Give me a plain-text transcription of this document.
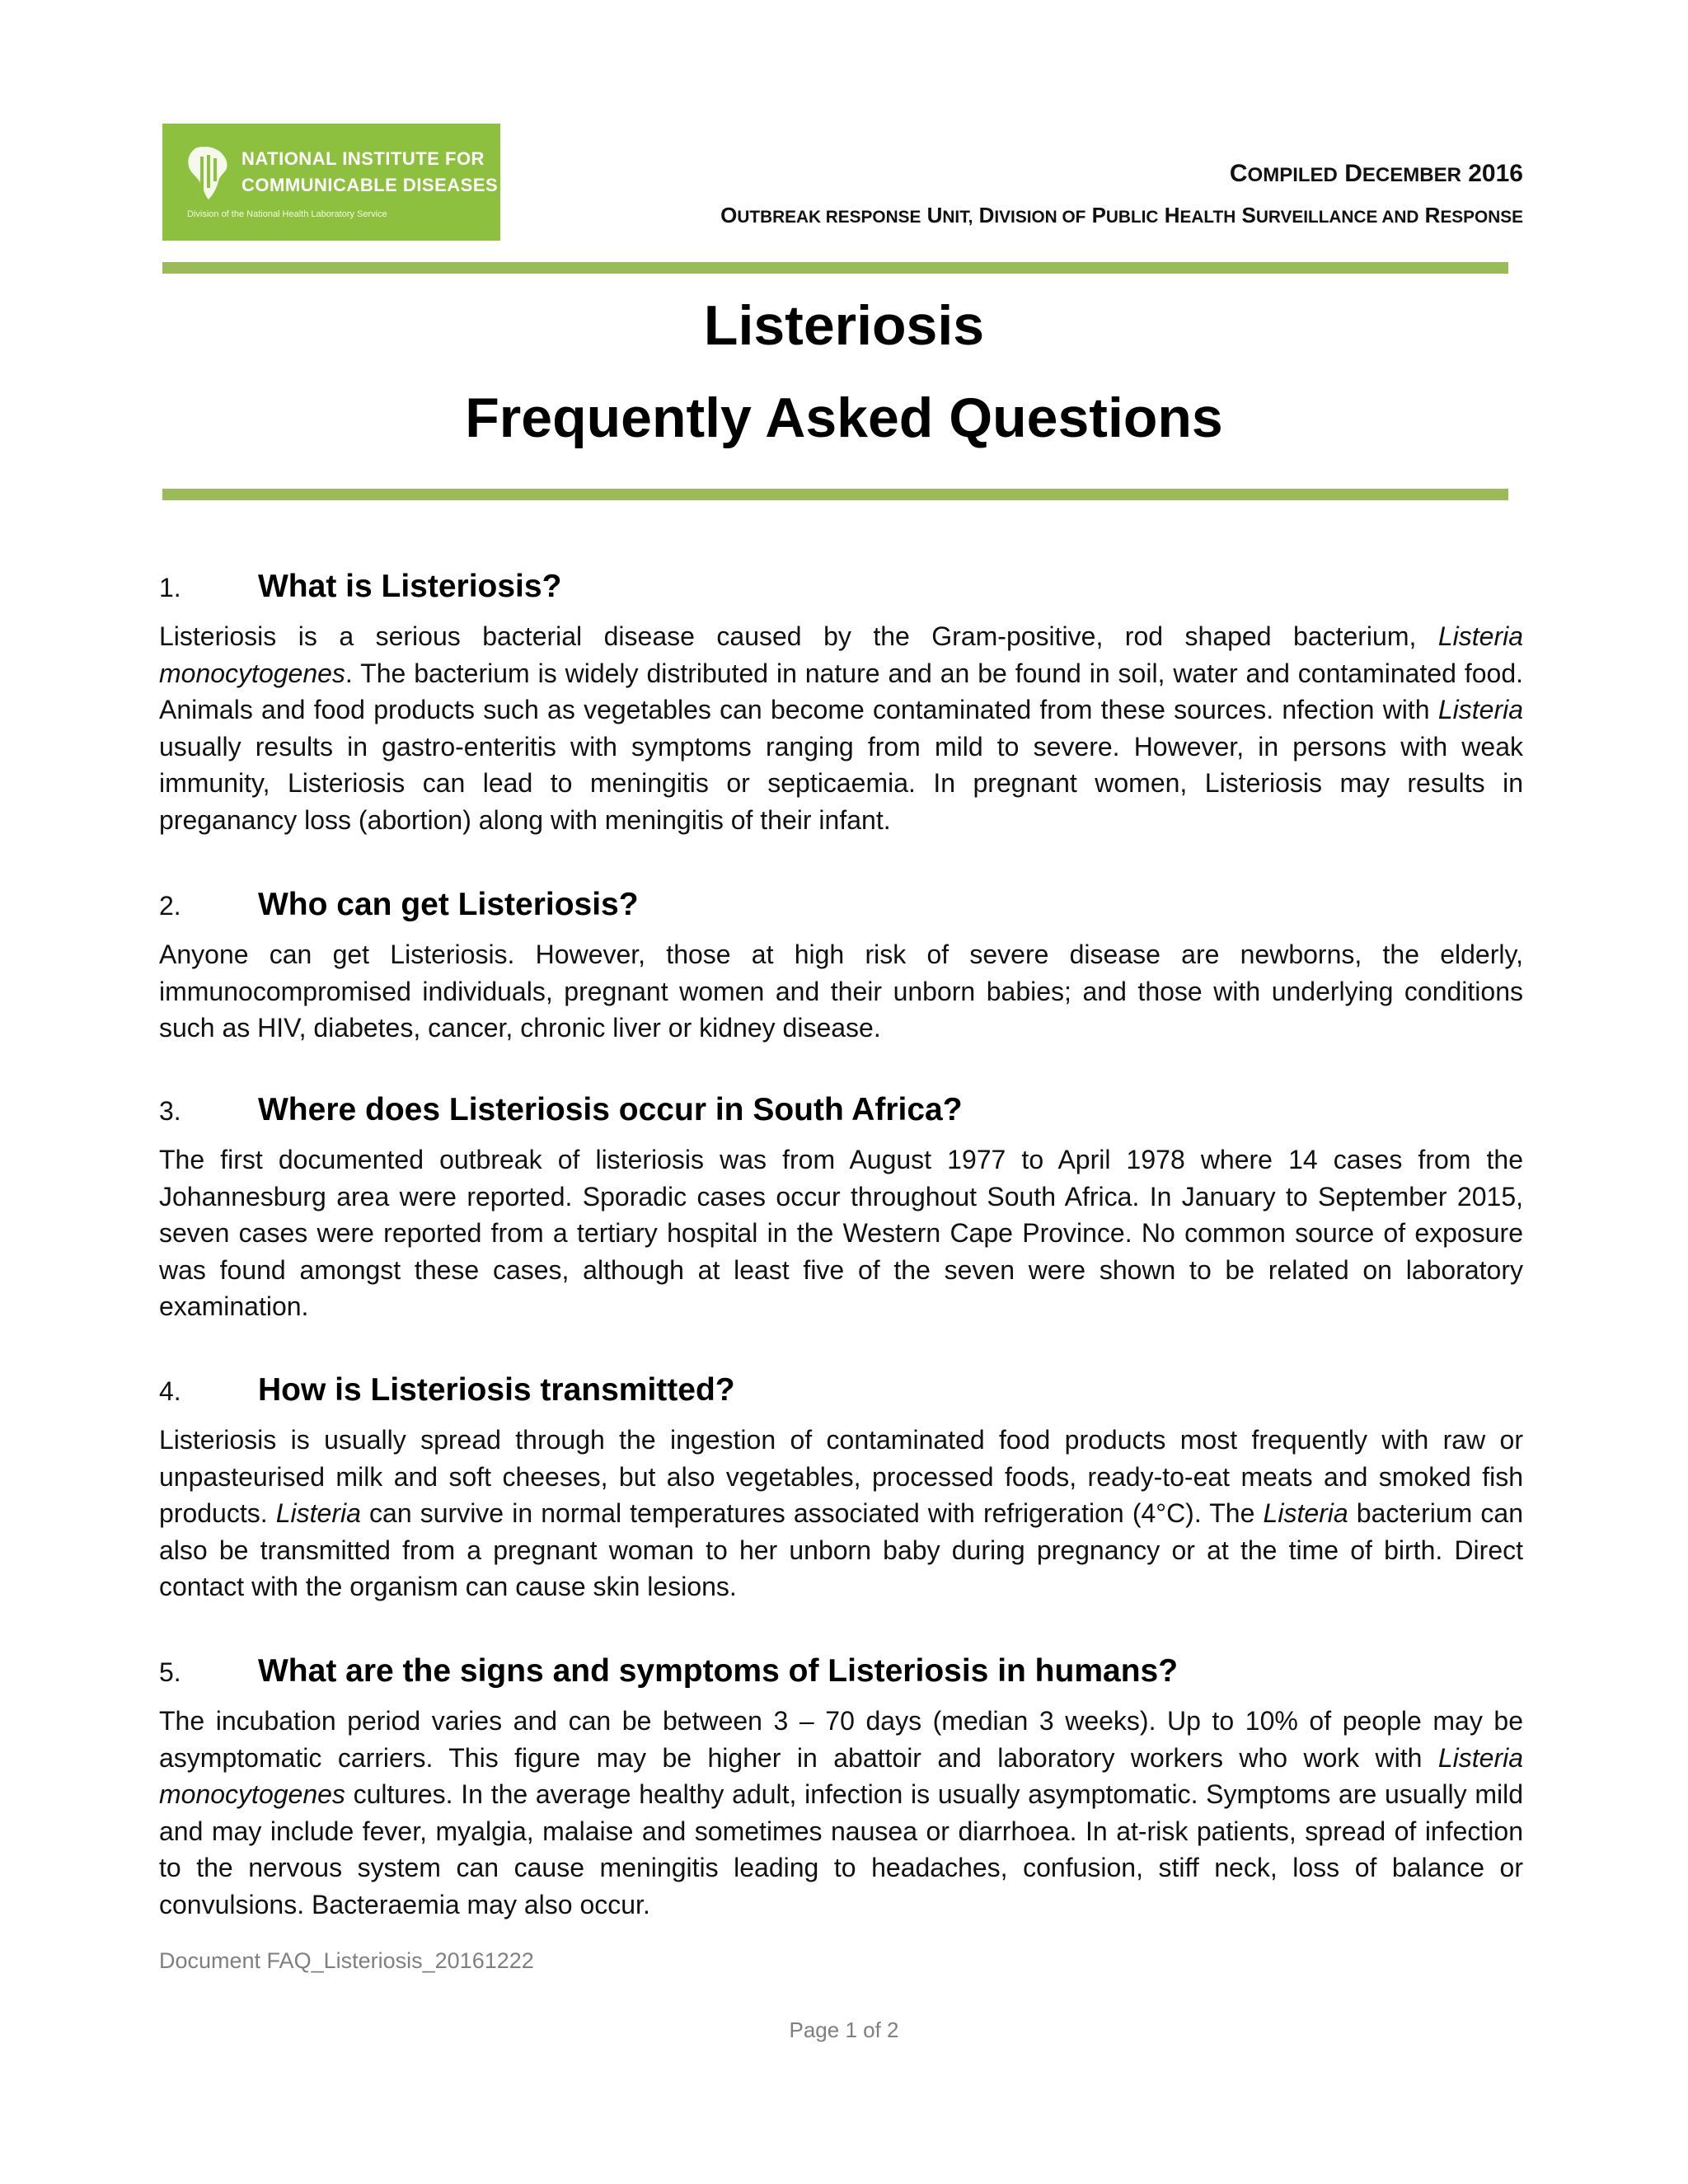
NATIONAL INSTITUTE FOR
COMMUNICABLE DISEASES
Division of the National Health Laboratory Service
COMPILED DECEMBER 2016
OUTBREAK RESPONSE UNIT, DIVISION OF PUBLIC HEALTH SURVEILLANCE AND RESPONSE
Listeriosis
Frequently Asked Questions
1.	What is Listeriosis?

Listeriosis is a serious bacterial disease caused by the Gram-positive, rod shaped bacterium, Listeria monocytogenes. The bacterium is widely distributed in nature and an be found in soil, water and contaminated food. Animals and food products such as vegetables can become contaminated from these sources. nfection with Listeria usually results in gastro-enteritis with symptoms ranging from mild to severe. However, in persons with weak immunity, Listeriosis can lead to meningitis or septicaemia. In pregnant women, Listeriosis may results in preganancy loss (abortion) along with meningitis of their infant.

2.	Who can get Listeriosis?

Anyone can get Listeriosis. However, those at high risk of severe disease are newborns, the elderly, immunocompromised individuals, pregnant women and their unborn babies; and those with underlying conditions such as HIV, diabetes, cancer, chronic liver or kidney disease.

3.	Where does Listeriosis occur in South Africa?

The first documented outbreak of listeriosis was from August 1977 to April 1978 where 14 cases from the Johannesburg area were reported. Sporadic cases occur throughout South Africa. In January to September 2015, seven cases were reported from a tertiary hospital in the Western Cape Province. No common source of exposure was found amongst these cases, although at least five of the seven were shown to be related on laboratory examination.

4.	How is Listeriosis transmitted?

Listeriosis is usually spread through the ingestion of contaminated food products most frequently with raw or unpasteurised milk and soft cheeses, but also vegetables, processed foods, ready-to-eat meats and smoked fish products. Listeria can survive in normal temperatures associated with refrigeration (4°C). The Listeria bacterium can also be transmitted from a pregnant woman to her unborn baby during pregnancy or at the time of birth. Direct contact with the organism can cause skin lesions.

5.	What are the signs and symptoms of Listeriosis in humans?

The incubation period varies and can be between 3 – 70 days (median 3 weeks). Up to 10% of people may be asymptomatic carriers. This figure may be higher in abattoir and laboratory workers who work with Listeria monocytogenes cultures. In the average healthy adult, infection is usually asymptomatic. Symptoms are usually mild and may include fever, myalgia, malaise and sometimes nausea or diarrhoea. In at-risk patients, spread of infection to the nervous system can cause meningitis leading to headaches, confusion, stiff neck, loss of balance or convulsions. Bacteraemia may also occur.

Document FAQ_Listeriosis_20161222
Page 1 of 2
